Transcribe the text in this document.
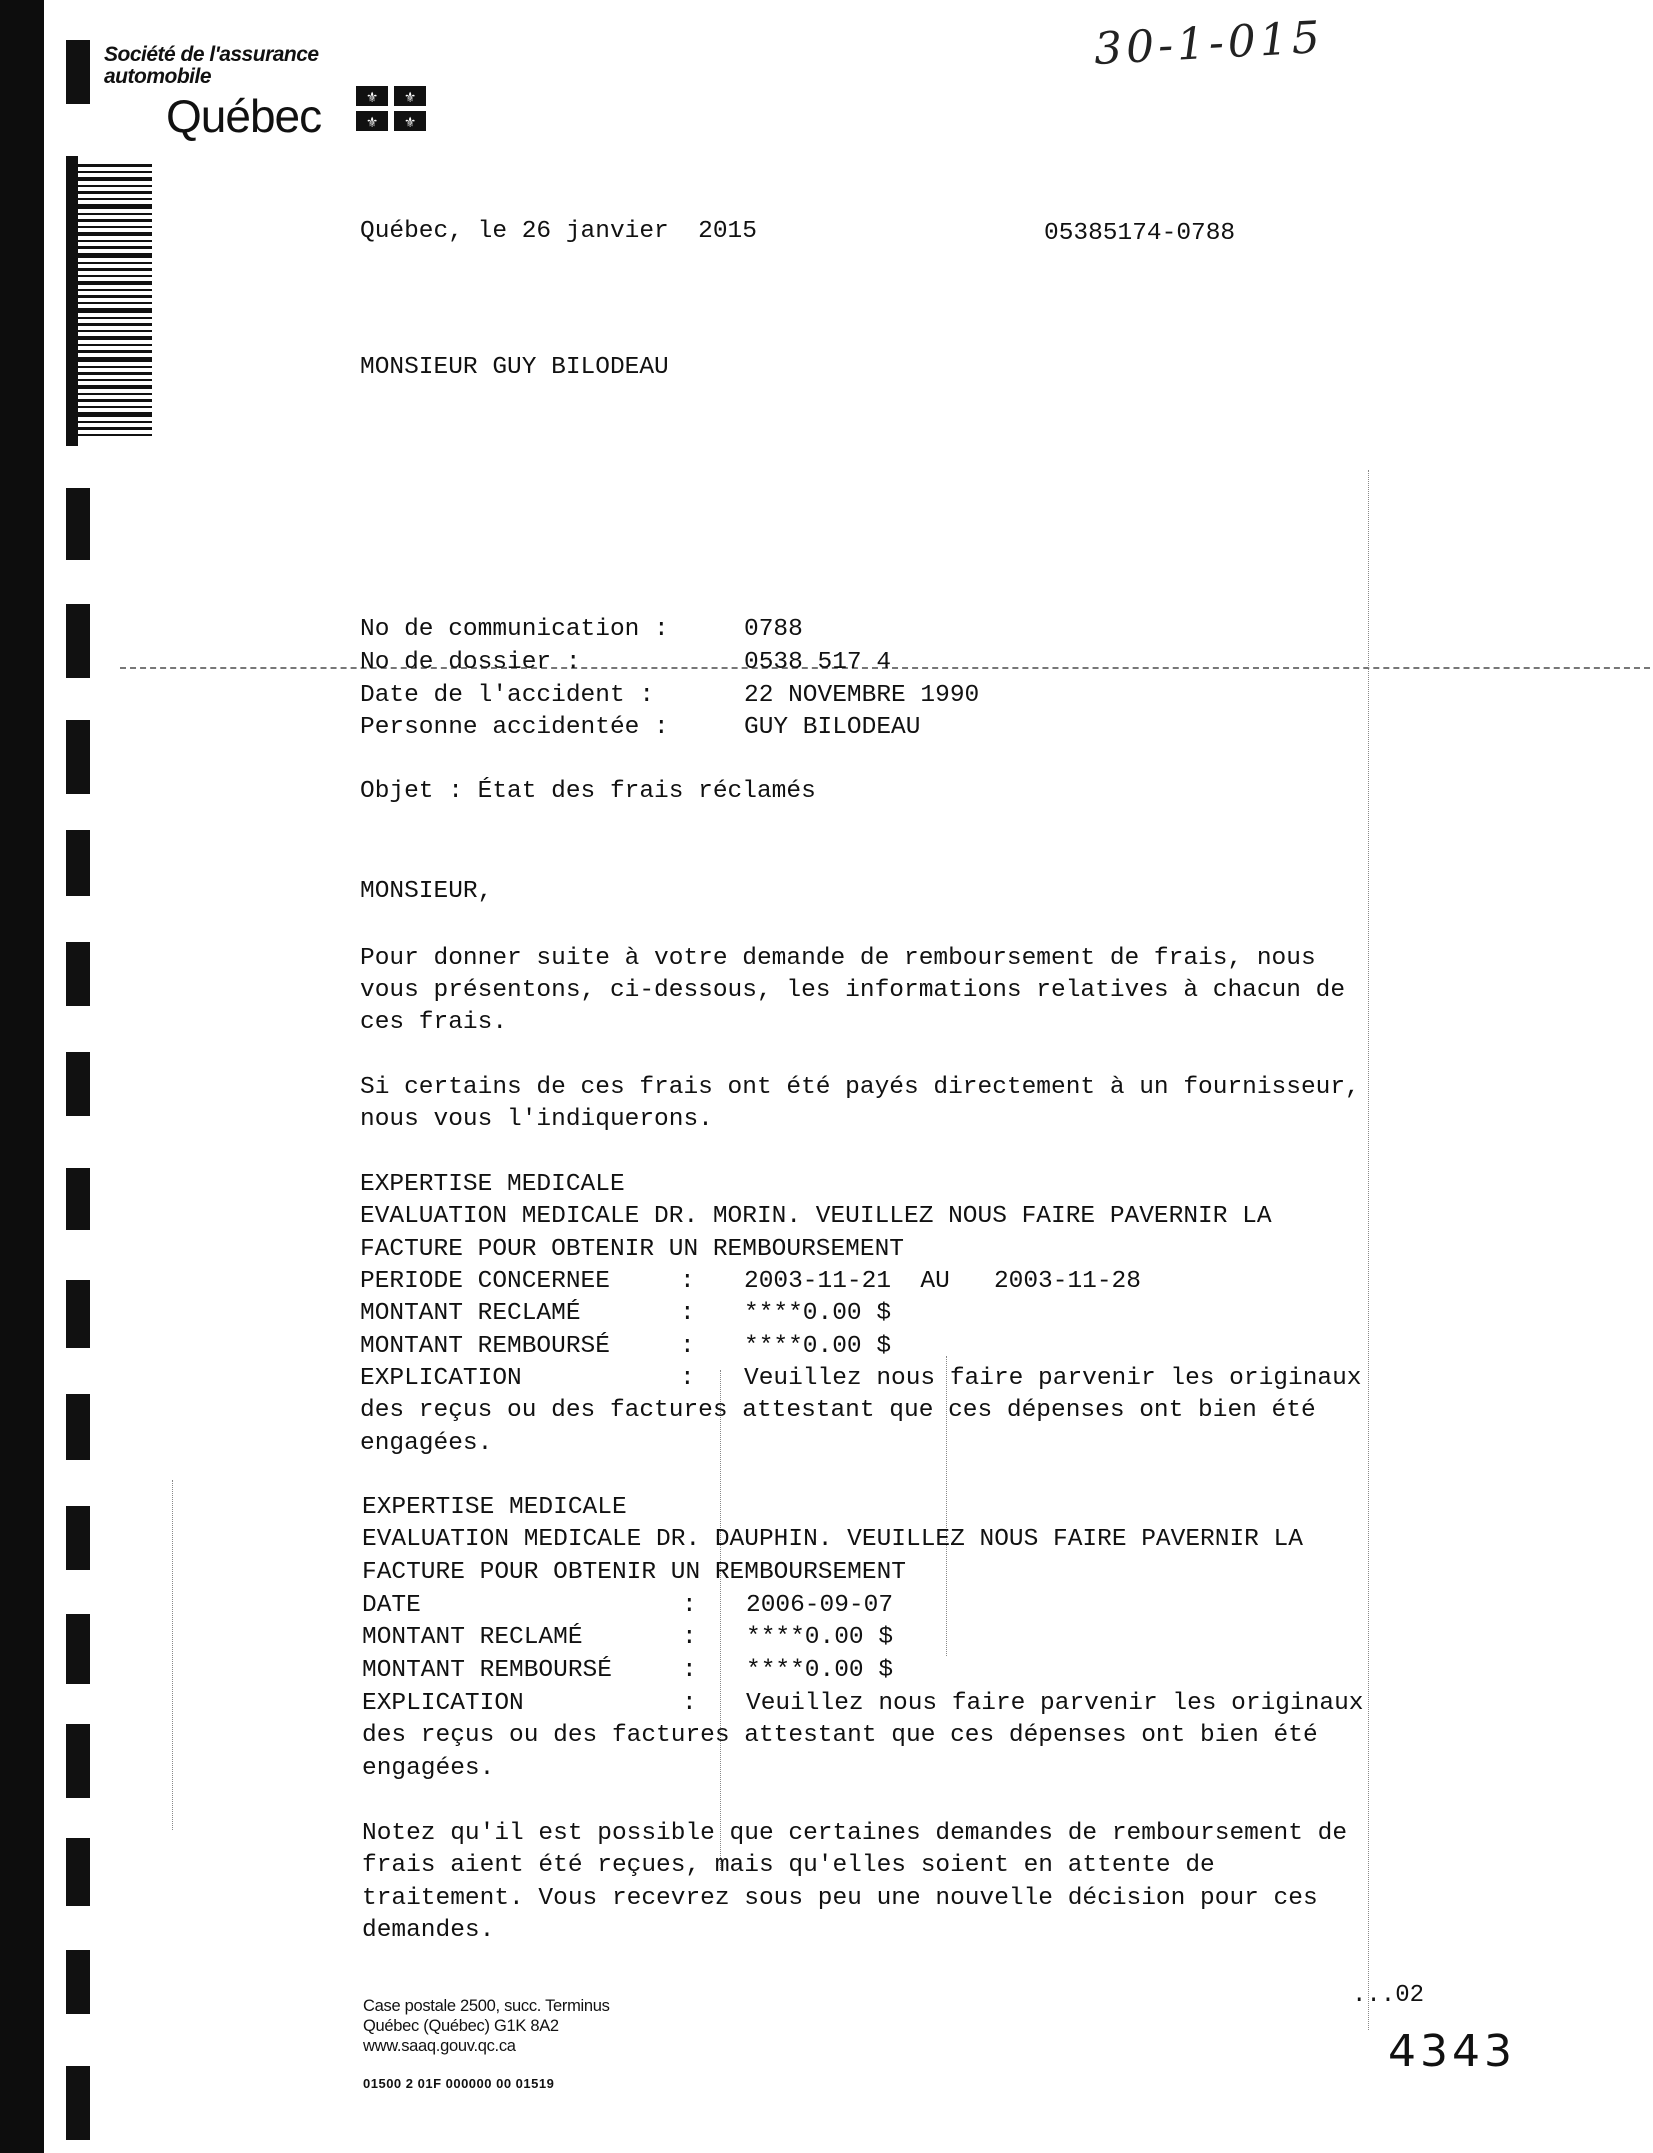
Société de l'assurance
automobile
Québec	⚜ ⚜
⚜ ⚜
30-1-015
Québec, le 26 janvier  2015	05385174-0788
MONSIEUR GUY BILODEAU
No de communication :	0788
No de dossier :	0538 517 4
Date de l'accident :	22 NOVEMBRE 1990
Personne accidentée :	GUY BILODEAU
Objet : État des frais réclamés
MONSIEUR,
Pour donner suite à votre demande de remboursement de frais, nous
vous présentons, ci-dessous, les informations relatives à chacun de
ces frais.
Si certains de ces frais ont été payés directement à un fournisseur,
nous vous l'indiquerons.
EXPERTISE MEDICALE
EVALUATION MEDICALE DR. MORIN. VEUILLEZ NOUS FAIRE PAVERNIR LA
FACTURE POUR OBTENIR UN REMBOURSEMENT
PERIODE CONCERNEE	: 2003-11-21  AU   2003-11-28
MONTANT RECLAMÉ	: ****0.00 $
MONTANT REMBOURSÉ	: ****0.00 $
EXPLICATION	: Veuillez nous faire parvenir les originaux
des reçus ou des factures attestant que ces dépenses ont bien été
engagées.
EXPERTISE MEDICALE
EVALUATION MEDICALE DR. DAUPHIN. VEUILLEZ NOUS FAIRE PAVERNIR LA
FACTURE POUR OBTENIR UN REMBOURSEMENT
DATE	: 2006-09-07
MONTANT RECLAMÉ	: ****0.00 $
MONTANT REMBOURSÉ	: ****0.00 $
EXPLICATION	: Veuillez nous faire parvenir les originaux
des reçus ou des factures attestant que ces dépenses ont bien été
engagées.
Notez qu'il est possible que certaines demandes de remboursement de
frais aient été reçues, mais qu'elles soient en attente de
traitement. Vous recevrez sous peu une nouvelle décision pour ces
demandes.
...02
Case postale 2500, succ. Terminus
Québec (Québec) G1K 8A2
www.saaq.gouv.qc.ca
01500 2 01F 000000 00 01519
4343
